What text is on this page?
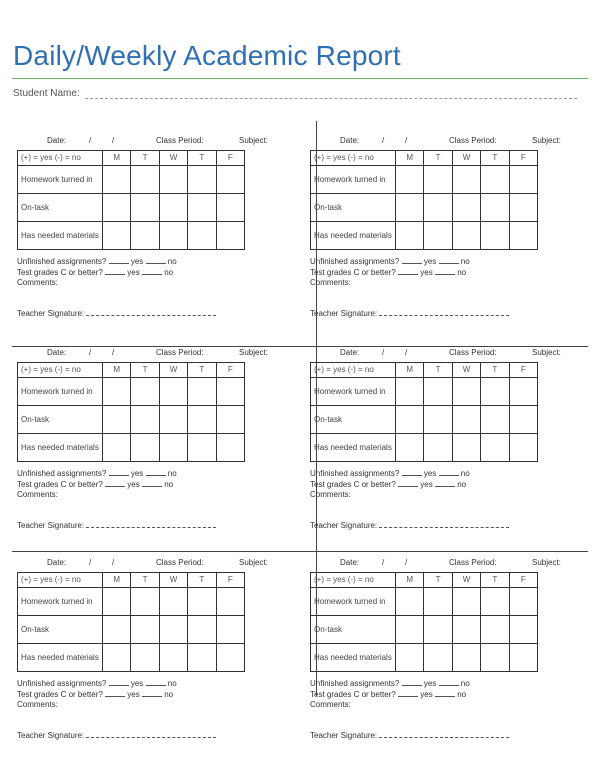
Daily/Weekly Academic Report
Student Name:
Date:	/	/	Class Period:	Subject:
(+) = yes (-) = no	M	T	W	T	F
Homework turned in					
On-task					
Has needed materials					
Unfinished assignments?	yes	no
Test grades C or better?	yes	no
Comments:
Teacher Signature:
Date:	/	/	Class Period:	Subject:
(+) = yes (-) = no	M	T	W	T	F
Homework turned in					
On-task					
Has needed materials					
Unfinished assignments?	yes	no
Test grades C or better?	yes	no
Comments:
Teacher Signature:
Date:	/	/	Class Period:	Subject:
(+) = yes (-) = no	M	T	W	T	F
Homework turned in					
On-task					
Has needed materials					
Unfinished assignments?	yes	no
Test grades C or better?	yes	no
Comments:
Teacher Signature:
Date:	/	/	Class Period:	Subject:
(+) = yes (-) = no	M	T	W	T	F
Homework turned in					
On-task					
Has needed materials					
Unfinished assignments?	yes	no
Test grades C or better?	yes	no
Comments:
Teacher Signature:
Date:	/	/	Class Period:	Subject:
(+) = yes (-) = no	M	T	W	T	F
Homework turned in					
On-task					
Has needed materials					
Unfinished assignments?	yes	no
Test grades C or better?	yes	no
Comments:
Teacher Signature:
Date:	/	/	Class Period:	Subject:
(+) = yes (-) = no	M	T	W	T	F
Homework turned in					
On-task					
Has needed materials					
Unfinished assignments?	yes	no
Test grades C or better?	yes	no
Comments:
Teacher Signature:
